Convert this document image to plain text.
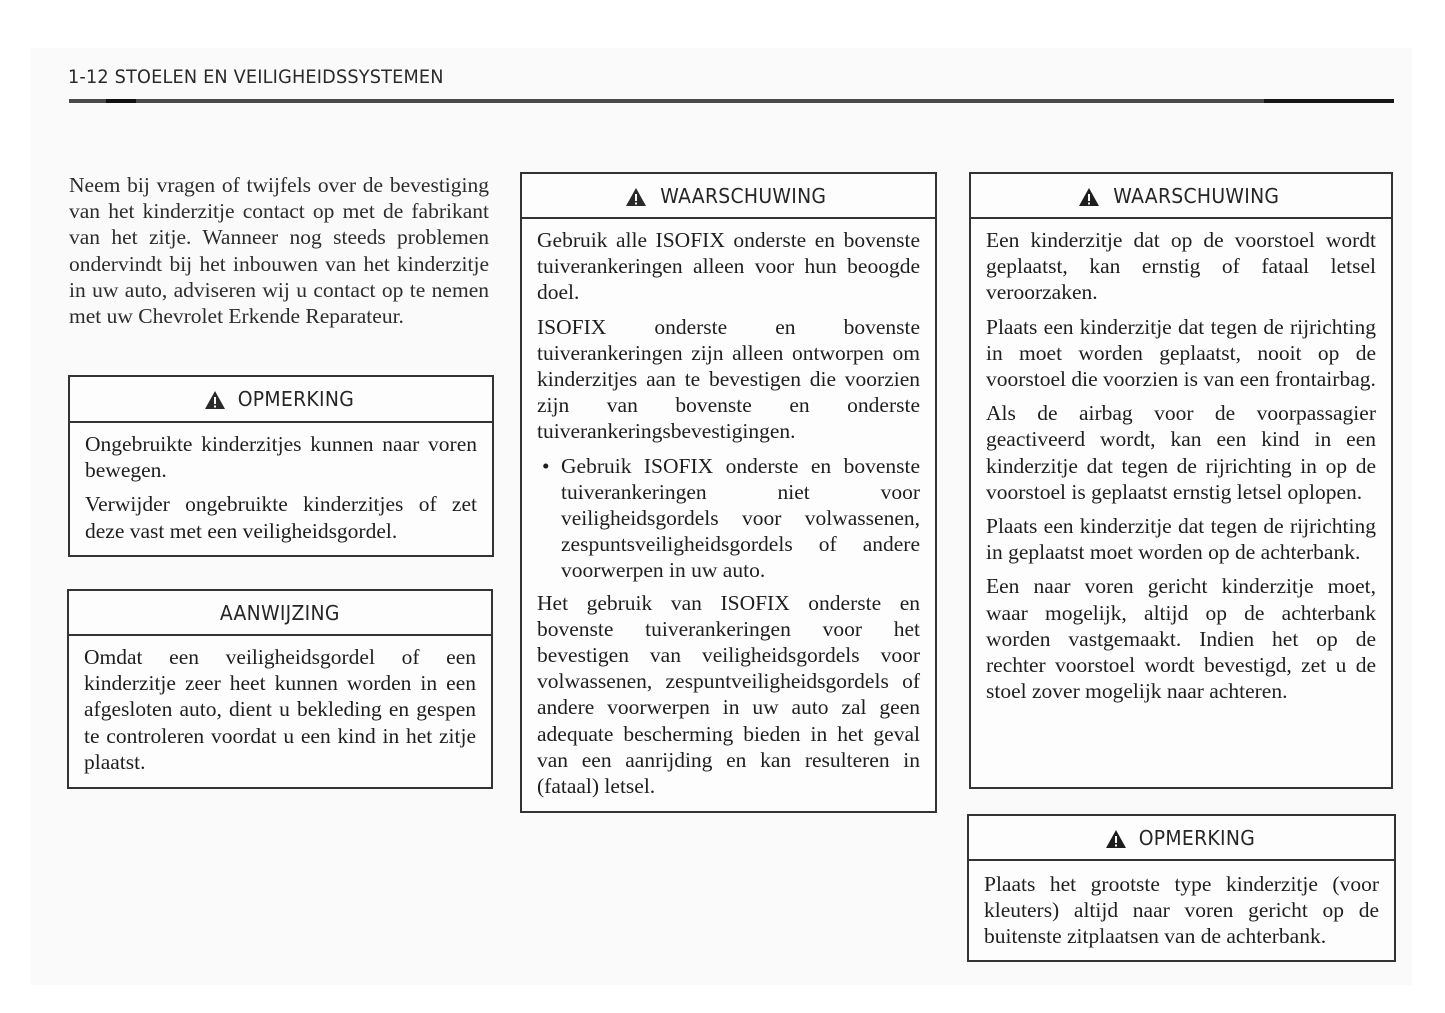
1-12 STOELEN EN VEILIGHEIDSSYSTEMEN

Neem bij vragen of twijfels over de bevestiging van het kinderzitje contact op met de fabrikant van het zitje. Wanneer nog steeds problemen ondervindt bij het inbouwen van het kinderzitje in uw auto, adviseren wij u contact op te nemen met uw Chevrolet Erkende Reparateur.

OPMERKING

Ongebruikte kinderzitjes kunnen naar voren bewegen.

Verwijder ongebruikte kinderzitjes of zet deze vast met een veiligheidsgordel.

AANWIJZING

Omdat een veiligheidsgordel of een kinderzitje zeer heet kunnen worden in een afgesloten auto, dient u bekleding en gespen te controleren voordat u een kind in het zitje plaatst.

WAARSCHUWING

Gebruik alle ISOFIX onderste en bovenste tuiverankeringen alleen voor hun beoogde doel.

ISOFIX onderste en bovenste tuiverankeringen zijn alleen ontworpen om kinderzitjes aan te bevestigen die voorzien zijn van bovenste en onderste tuiverankeringsbevestigingen.

• Gebruik ISOFIX onderste en bovenste tuiverankeringen niet voor veiligheidsgordels voor volwassenen, zespuntsveiligheidsgordels of andere voorwerpen in uw auto.

Het gebruik van ISOFIX onderste en bovenste tuiverankeringen voor het bevestigen van veiligheidsgordels voor volwassenen, zespuntveiligheidsgordels of andere voorwerpen in uw auto zal geen adequate bescherming bieden in het geval van een aanrijding en kan resulteren in (fataal) letsel.

WAARSCHUWING

Een kinderzitje dat op de voorstoel wordt geplaatst, kan ernstig of fataal letsel veroorzaken.

Plaats een kinderzitje dat tegen de rijrichting in moet worden geplaatst, nooit op de voorstoel die voorzien is van een frontairbag.

Als de airbag voor de voorpassagier geactiveerd wordt, kan een kind in een kinderzitje dat tegen de rijrichting in op de voorstoel is geplaatst ernstig letsel oplopen.

Plaats een kinderzitje dat tegen de rijrichting in geplaatst moet worden op de achterbank.

Een naar voren gericht kinderzitje moet, waar mogelijk, altijd op de achterbank worden vastgemaakt. Indien het op de rechter voorstoel wordt bevestigd, zet u de stoel zover mogelijk naar achteren.

OPMERKING

Plaats het grootste type kinderzitje (voor kleuters) altijd naar voren gericht op de buitenste zitplaatsen van de achterbank.
